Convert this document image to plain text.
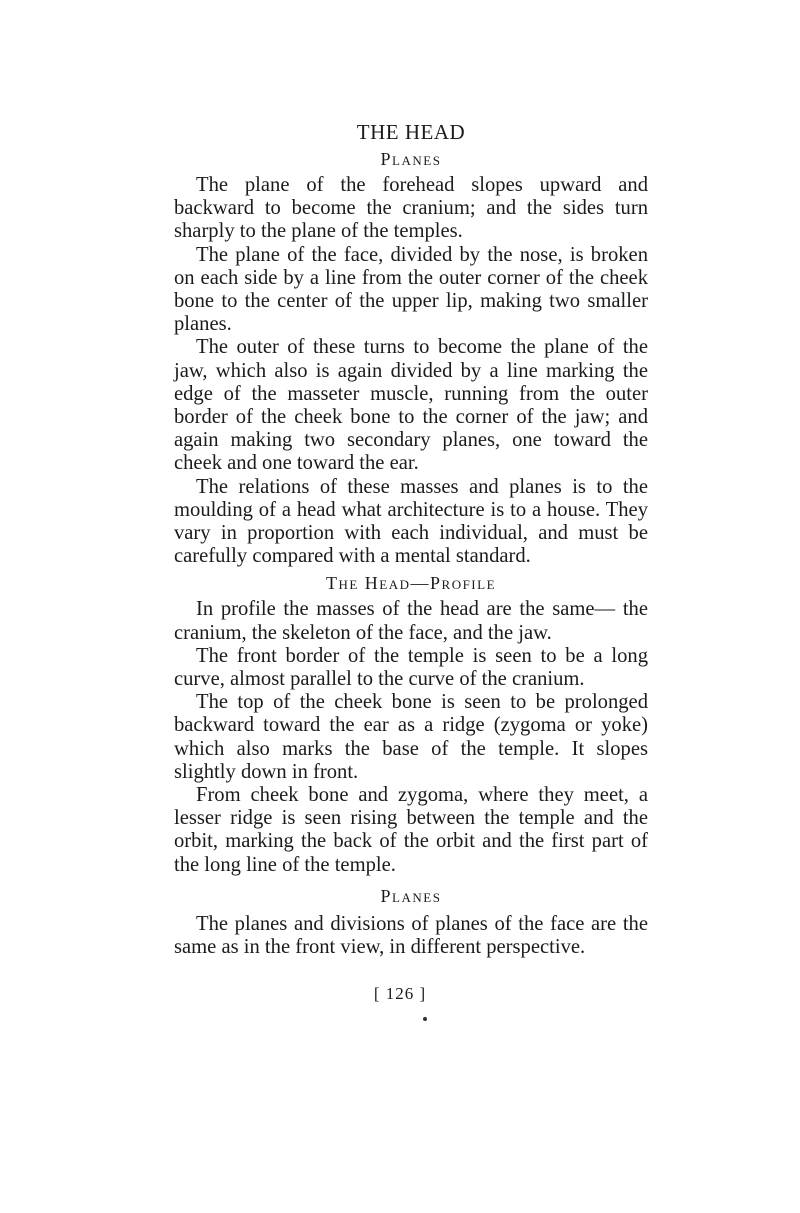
THE HEAD
Planes

The plane of the forehead slopes upward and backward to become the cranium; and the sides turn sharply to the plane of the temples.

The plane of the face, divided by the nose, is broken on each side by a line from the outer corner of the cheek bone to the center of the upper lip, making two smaller planes.

The outer of these turns to become the plane of the jaw, which also is again divided by a line marking the edge of the masseter muscle, running from the outer border of the cheek bone to the corner of the jaw; and again making two secondary planes, one toward the cheek and one toward the ear.

The relations of these masses and planes is to the moulding of a head what architecture is to a house. They vary in proportion with each individual, and must be carefully compared with a mental standard.

The Head—Profile

In profile the masses of the head are the same— the cranium, the skeleton of the face, and the jaw.

The front border of the temple is seen to be a long curve, almost parallel to the curve of the cranium.

The top of the cheek bone is seen to be prolonged backward toward the ear as a ridge (zygoma or yoke) which also marks the base of the temple. It slopes slightly down in front.

From cheek bone and zygoma, where they meet, a lesser ridge is seen rising between the temple and the orbit, marking the back of the orbit and the first part of the long line of the temple.

Planes

The planes and divisions of planes of the face are the same as in the front view, in different perspective.

[ 126 ]
